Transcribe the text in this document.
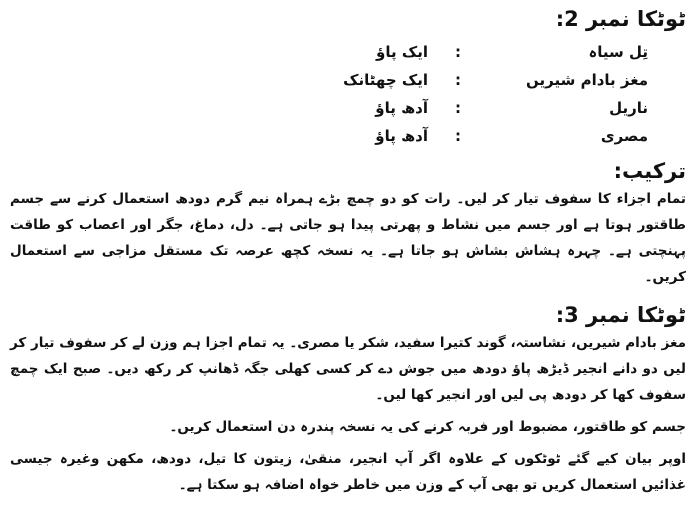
ٹوٹکا نمبر 2:
تِل سیاہ
:
ایک پاؤ
مغز بادام شیریں
:
ایک چھٹانک
ناریل
:
آدھ پاؤ
مصری
:
آدھ پاؤ
ترکیب:

تمام اجزاء کا سفوف تیار کر لیں۔ رات کو دو چمچ بڑے ہمراہ نیم گرم دودھ استعمال کرنے سے جسم طاقتور ہوتا ہے اور جسم میں نشاط و پھرتی پیدا ہو جاتی ہے۔ دل، دماغ، جگر اور اعصاب کو طاقت پہنچتی ہے۔ چہرہ ہشاش بشاش ہو جاتا ہے۔ یہ نسخہ کچھ عرصہ تک مستقل مزاجی سے استعمال کریں۔

ٹوٹکا نمبر 3:

مغز بادام شیریں، نشاستہ، گوند کتیرا سفید، شکر یا مصری۔ یہ تمام اجزا ہم وزن لے کر سفوف تیار کر لیں دو دانے انجیر ڈیڑھ پاؤ دودھ میں جوش دے کر کسی کھلی جگہ ڈھانپ کر رکھ دیں۔ صبح ایک چمچ سفوف کھا کر دودھ پی لیں اور انجیر کھا لیں۔

جسم کو طاقتور، مضبوط اور فربہ کرنے کی یہ نسخہ پندرہ دن استعمال کریں۔

اوپر بیان کیے گئے ٹوٹکوں کے علاوہ اگر آپ انجیر، منقیٰ، زیتون کا تیل، دودھ، مکھن وغیرہ جیسی غذائیں استعمال کریں تو بھی آپ کے وزن میں خاطر خواہ اضافہ ہو سکتا ہے۔
